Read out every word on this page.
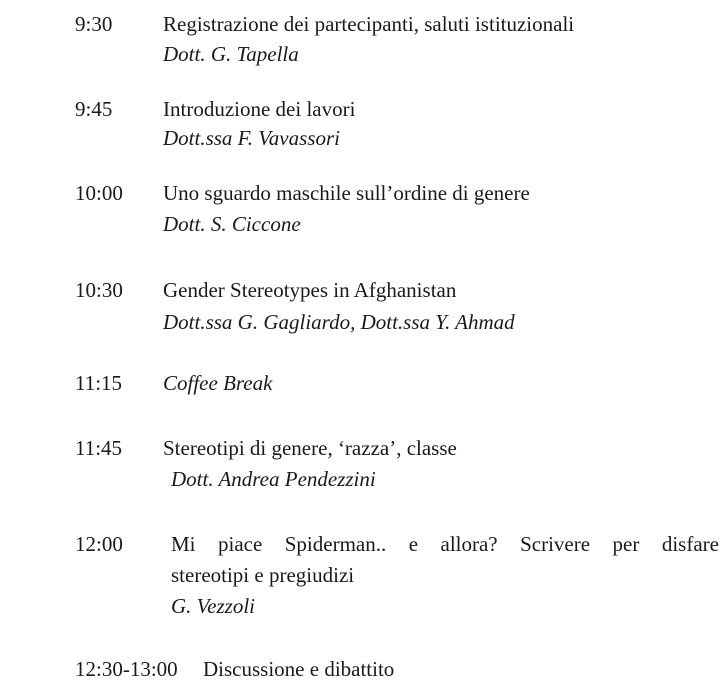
9:30 Registrazione dei partecipanti, saluti istituzionali
Dott. G. Tapella
9:45 Introduzione dei lavori
Dott.ssa F. Vavassori
10:00 Uno sguardo maschile sull’ordine di genere
Dott. S. Ciccone
10:30 Gender Stereotypes in Afghanistan
Dott.ssa G. Gagliardo, Dott.ssa Y. Ahmad
11:15 Coffee Break
11:45 Stereotipi di genere, ‘razza’, classe
Dott. Andrea Pendezzini
12:00 Mi piace Spiderman.. e allora? Scrivere per disfare
stereotipi e pregiudizi
G. Vezzoli
12:30-13:00 Discussione e dibattito
